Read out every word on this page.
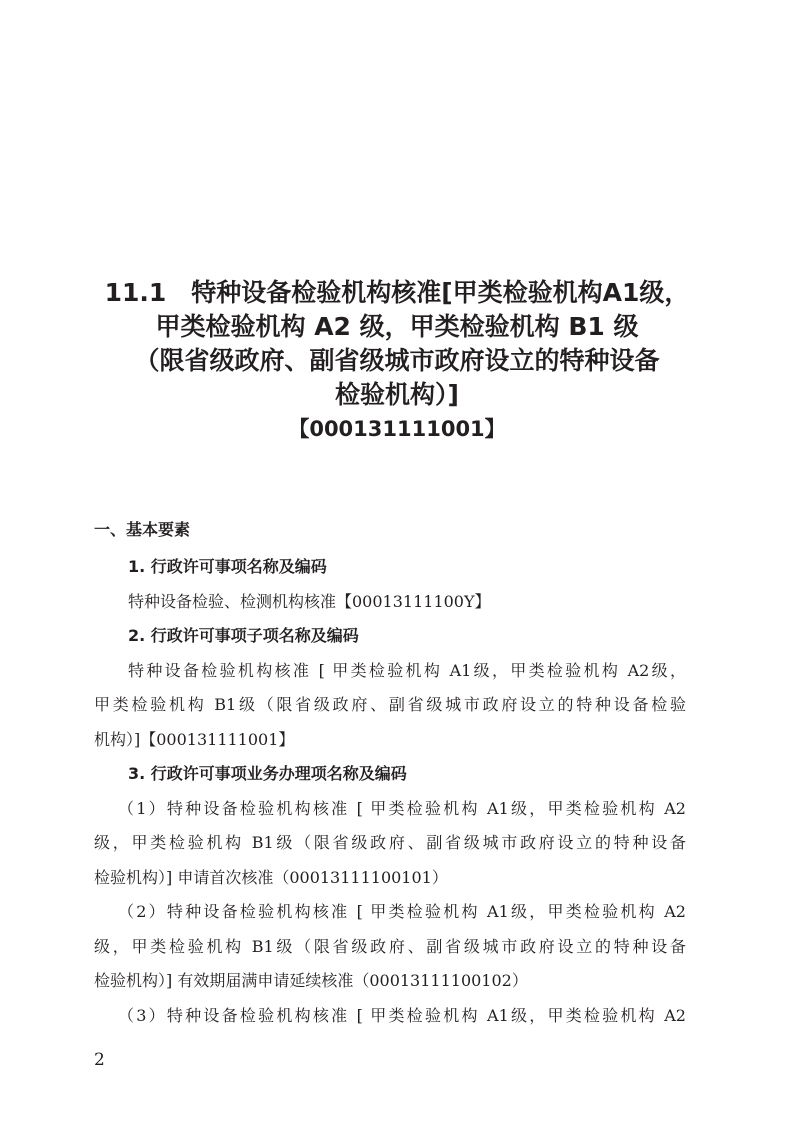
11.1　特种设备检验机构核准[甲类检验机构A1级，
甲类检验机构 A2 级，甲类检验机构 B1 级
（限省级政府、副省级城市政府设立的特种设备
检验机构）]
【000131111001】
一、基本要素
1. 行政许可事项名称及编码
特种设备检验、检测机构核准【00013111100Y】
2. 行政许可事项子项名称及编码
特种设备检验机构核准 [ 甲类检验机构 A1级，甲类检验机构 A2级，
甲类检验机构 B1级（限省级政府、副省级城市政府设立的特种设备检验
机构）]【000131111001】
3. 行政许可事项业务办理项名称及编码
（1）特种设备检验机构核准 [ 甲类检验机构 A1级，甲类检验机构 A2
级，甲类检验机构 B1级（限省级政府、副省级城市政府设立的特种设备
检验机构）] 申请首次核准（00013111100101）
（2）特种设备检验机构核准 [ 甲类检验机构 A1级，甲类检验机构 A2
级，甲类检验机构 B1级（限省级政府、副省级城市政府设立的特种设备
检验机构）] 有效期届满申请延续核准（00013111100102）
（3）特种设备检验机构核准 [ 甲类检验机构 A1级，甲类检验机构 A2
2
